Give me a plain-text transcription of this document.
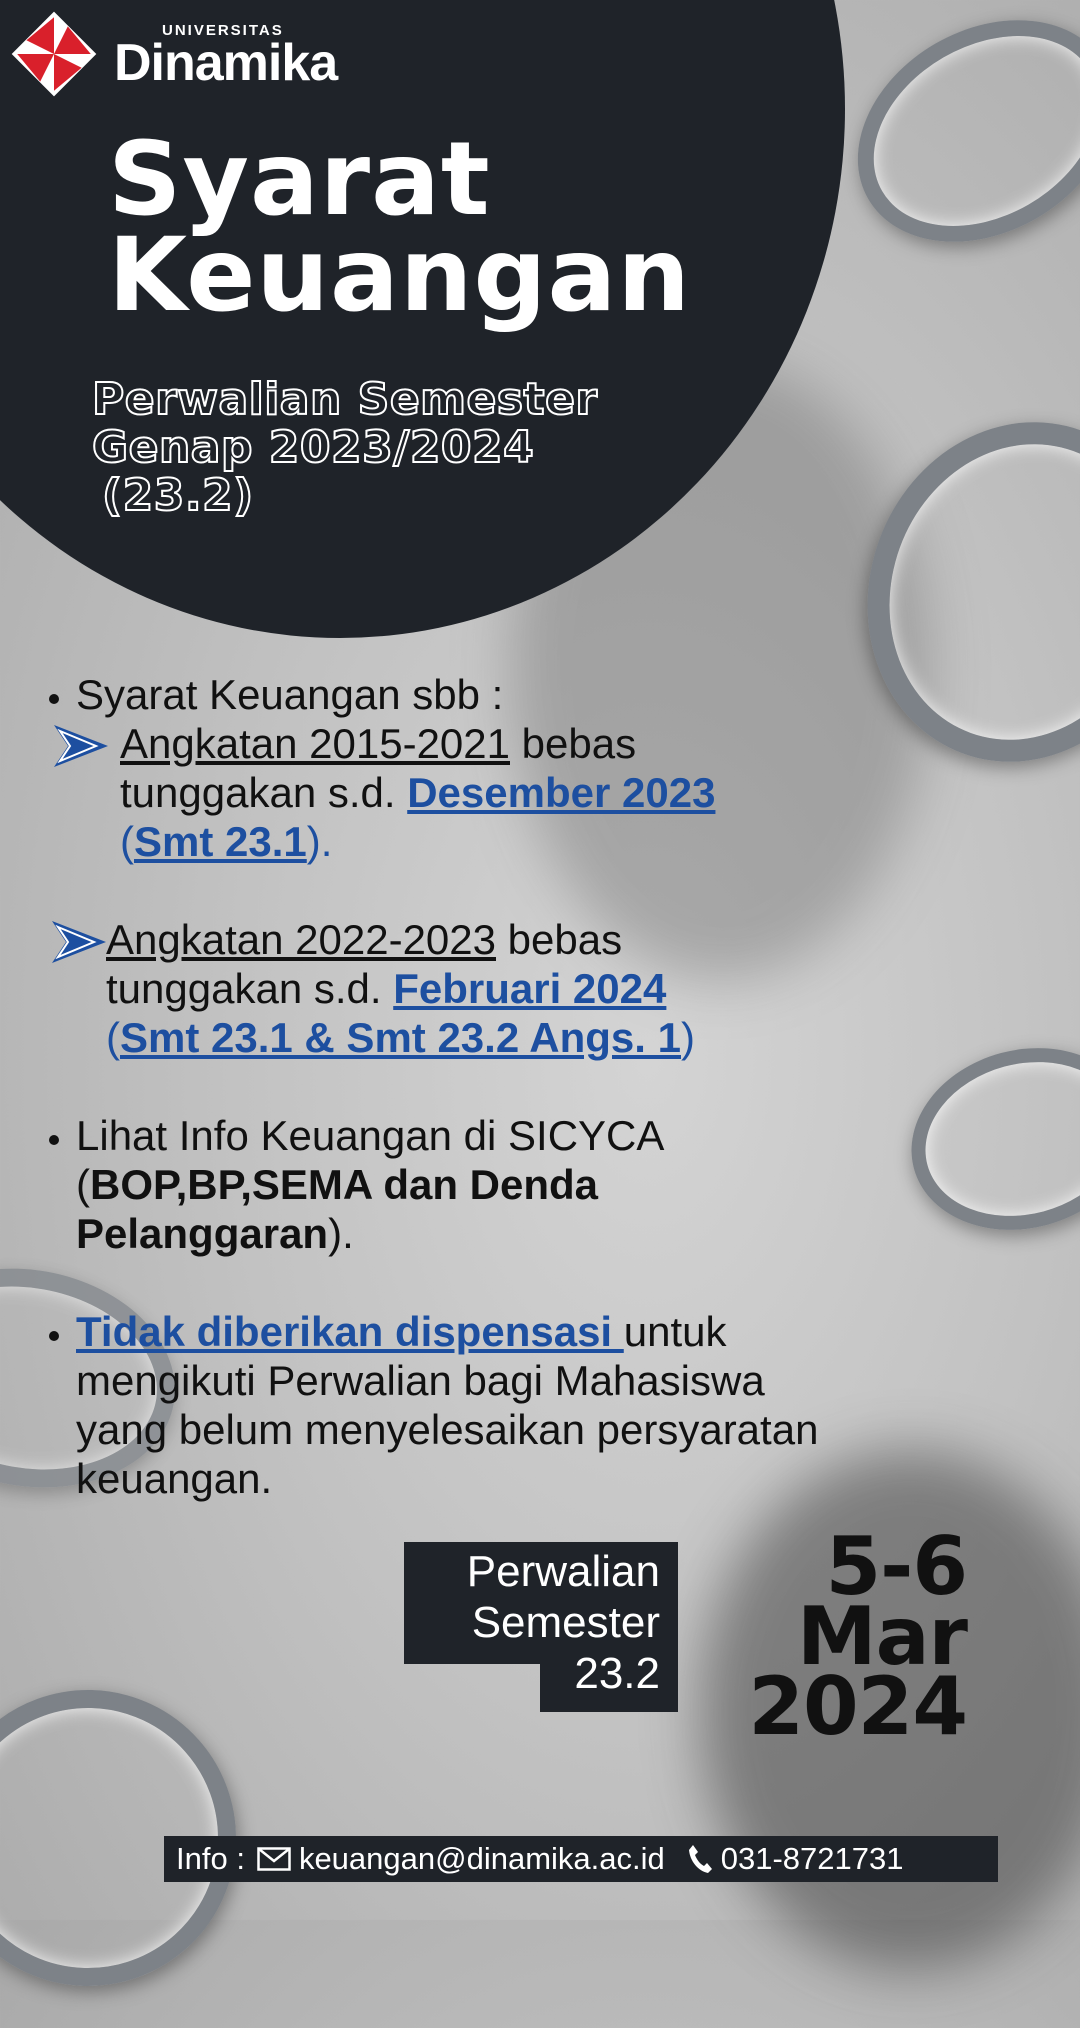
UNIVERSITAS
Dinamika
Syarat
Keuangan
Perwalian Semester
Genap 2023/2024
(23.2)
Syarat Keuangan sbb :
Angkatan 2015-2021 bebas
tunggakan s.d. Desember 2023
(Smt 23.1).
Angkatan 2022-2023 bebas
tunggakan s.d. Februari 2024
(Smt 23.1 & Smt 23.2 Angs. 1)
Lihat Info Keuangan di SICYCA
(BOP,BP,SEMA dan Denda
Pelanggaran).
Tidak diberikan dispensasi untuk
mengikuti Perwalian bagi Mahasiswa
yang belum menyelesaikan persyaratan
keuangan.
Perwalian
Semester
23.2
5-6
Mar
2024
Info : keuangan@dinamika.ac.id 031-8721731
